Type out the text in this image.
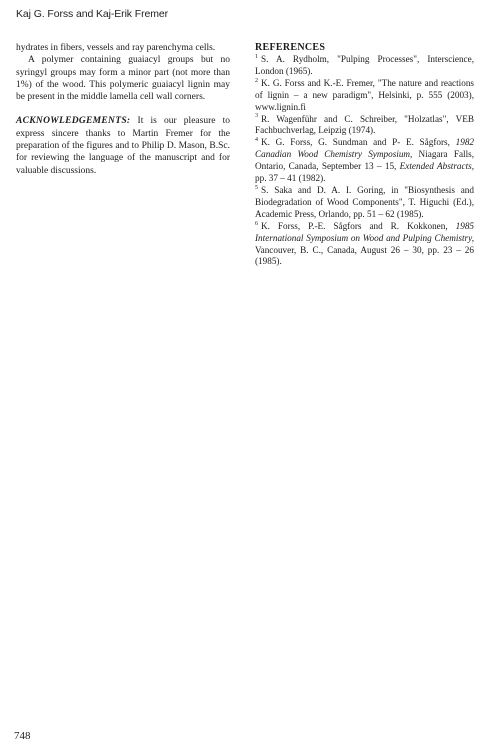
Kaj G. Forss and Kaj-Erik Fremer

hydrates in fibers, vessels and ray parenchyma cells.

A polymer containing guaiacyl groups but no syringyl groups may form a minor part (not more than 1%) of the wood. This polymeric guaiacyl lignin may be present in the middle lamella cell wall corners.

ACKNOWLEDGEMENTS: It is our pleasure to express sincere thanks to Martin Fremer for the preparation of the figures and to Philip D. Mason, B.Sc. for reviewing the language of the manuscript and for valuable discussions.

REFERENCES
$^1$ S. A. Rydholm, "Pulping Processes", Interscience, London (1965).
$^2$ K. G. Forss and K.-E. Fremer, "The nature and reactions of lignin – a new paradigm", Helsinki, p. 555 (2003), www.lignin.fi
$^3$ R. Wagenführ and C. Schreiber, "Holzatlas", VEB Fachbuchverlag, Leipzig (1974).
$^4$ K. G. Forss, G. Sundman and P- E. Sågfors, 1982 Canadian Wood Chemistry Symposium, Niagara Falls, Ontario, Canada, September 13 – 15, Extended Abstracts, pp. 37 – 41 (1982).
$^5$ S. Saka and D. A. I. Goring, in "Biosynthesis and Biodegradation of Wood Components", T. Higuchi (Ed.), Academic Press, Orlando, pp. 51 – 62 (1985).
$^6$ K. Forss, P.-E. Sågfors and R. Kokkonen, 1985 International Symposium on Wood and Pulping Chemistry, Vancouver, B. C., Canada, August 26 – 30, pp. 23 – 26 (1985).
748
